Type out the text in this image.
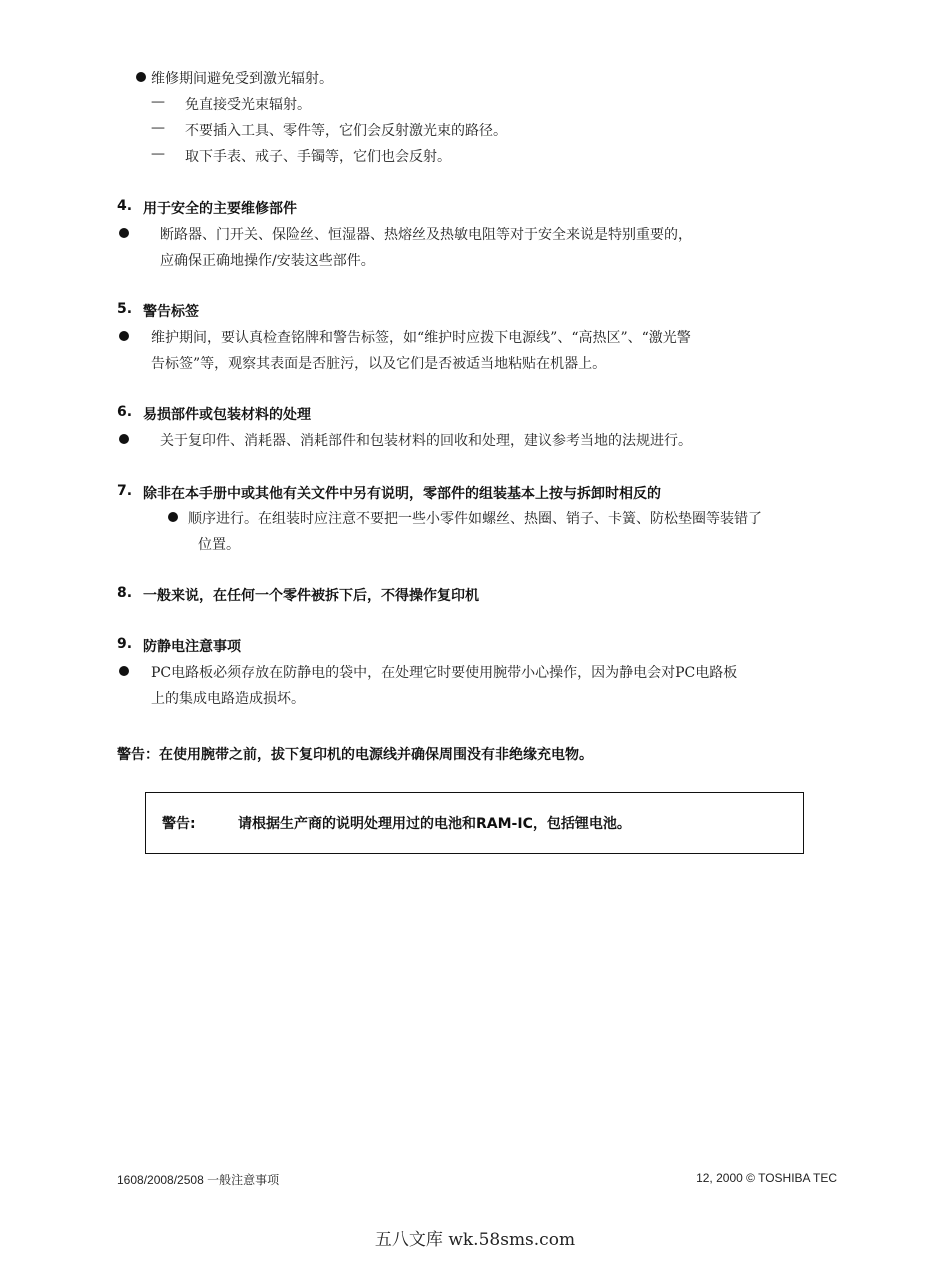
维修期间避免受到激光辐射。
— 免直接受光束辐射。
— 不要插入工具、零件等，它们会反射激光束的路径。
— 取下手表、戒子、手镯等，它们也会反射。
4. 用于安全的主要维修部件
断路器、门开关、保险丝、恒湿器、热熔丝及热敏电阻等对于安全来说是特别重要的，
应确保正确地操作/安装这些部件。
5. 警告标签
维护期间，要认真检查铭牌和警告标签，如“维护时应拨下电源线”、“高热区”、“激光警
告标签”等，观察其表面是否脏污，以及它们是否被适当地粘贴在机器上。
6. 易损部件或包装材料的处理
关于复印件、消耗器、消耗部件和包装材料的回收和处理，建议参考当地的法规进行。
7. 除非在本手册中或其他有关文件中另有说明，零部件的组装基本上按与拆卸时相反的
顺序进行。在组装时应注意不要把一些小零件如螺丝、热圈、销子、卡簧、防松垫圈等装错了
位置。
8. 一般来说，在任何一个零件被拆下后，不得操作复印机
9. 防静电注意事项
PC电路板必须存放在防静电的袋中，在处理它时要使用腕带小心操作，因为静电会对PC电路板
上的集成电路造成损坏。
警告：在使用腕带之前，拔下复印机的电源线并确保周围没有非绝缘充电物。
警告:	请根据生产商的说明处理用过的电池和RAM-IC，包括锂电池。
1608/2008/2508 一般注意事项	12, 2000 © TOSHIBA TEC
五八文库 wk.58sms.com
